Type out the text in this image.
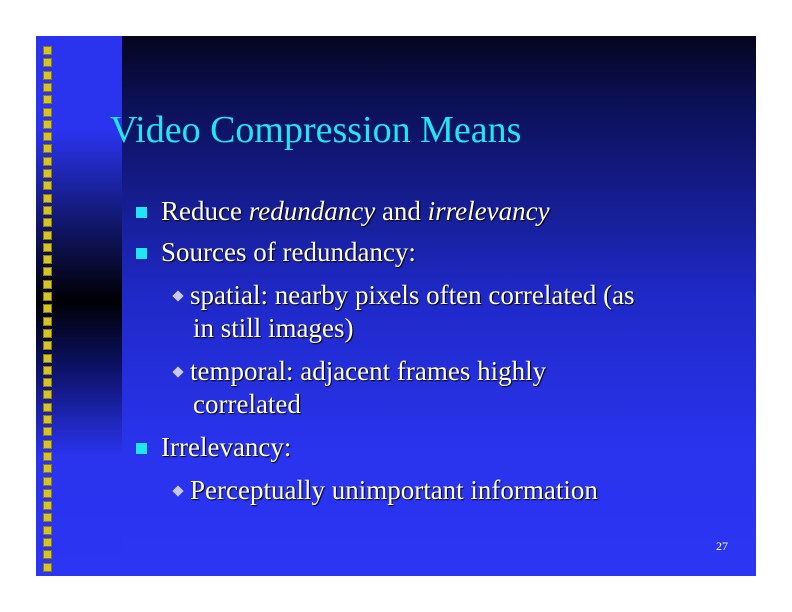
Video Compression Means
Reduce redundancy and irrelevancy
Sources of redundancy:
spatial: nearby pixels often correlated (as
in still images)
temporal: adjacent frames highly
correlated
Irrelevancy:
Perceptually unimportant information
27
